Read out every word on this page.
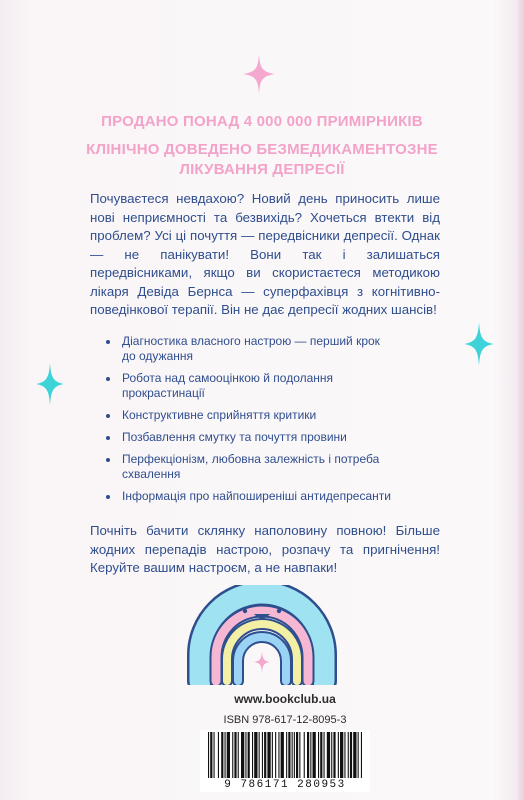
ПРОДАНО ПОНАД 4 000 000 ПРИМІРНИКІВ
КЛІНІЧНО ДОВЕДЕНО БЕЗМЕДИКАМЕНТОЗНЕ
ЛІКУВАННЯ ДЕПРЕСІЇ

Почуваєтеся невдахою? Новий день приносить лише нові неприємності та безвихідь? Хочеться втекти від проблем? Усі ці почуття — передвісники депресії. Однак — не панікувати! Вони так і залишаться передвісниками, якщо ви скористаєтеся методикою лікаря Девіда Бернса — суперфахівця з когнітивно-поведінкової терапії. Він не дає депресії жодних шансів!

Діагностика власного настрою — перший крок до одужання
Робота над самооцінкою й подолання прокрастинації
Конструктивне сприйняття критики
Позбавлення смутку та почуття провини
Перфекціонізм, любовна залежність і потреба схвалення
Інформація про найпоширеніші антидепресанти

Почніть бачити склянку наполовину повною! Більше жодних перепадів настрою, розпачу та пригнічення! Керуйте вашим настроєм, а не навпаки!

www.bookclub.ua
ISBN 978-617-12-8095-3
9 786171 280953
